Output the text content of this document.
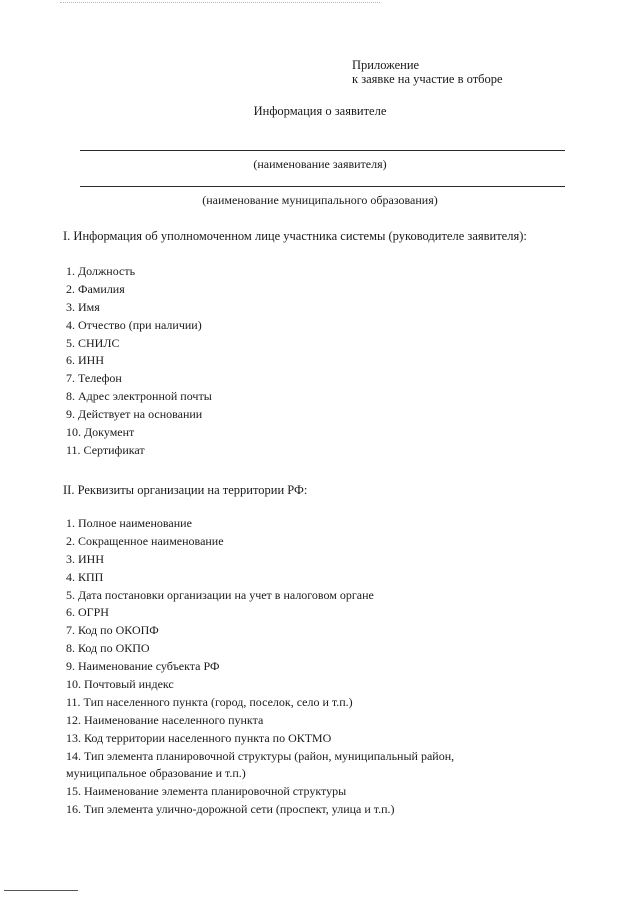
Приложение
к заявке на участие в отборе
Информация о заявителе
(наименование заявителя)
(наименование муниципального образования)
I. Информация об уполномоченном лице участника системы (руководителе заявителя):
1. Должность
2. Фамилия
3. Имя
4. Отчество (при наличии)
5. СНИЛС
6. ИНН
7. Телефон
8. Адрес электронной почты
9. Действует на основании
10. Документ
11. Сертификат
II. Реквизиты организации на территории РФ:
1. Полное наименование
2. Сокращенное наименование
3. ИНН
4. КПП
5. Дата постановки организации на учет в налоговом органе
6. ОГРН
7. Код по ОКОПФ
8. Код по ОКПО
9. Наименование субъекта РФ
10. Почтовый индекс
11. Тип населенного пункта (город, поселок, село и т.п.)
12. Наименование населенного пункта
13. Код территории населенного пункта по ОКТМО
14. Тип элемента планировочной структуры (район, муниципальный район, муниципальное образование и т.п.)
15. Наименование элемента планировочной структуры
16. Тип элемента улично-дорожной сети (проспект, улица и т.п.)
